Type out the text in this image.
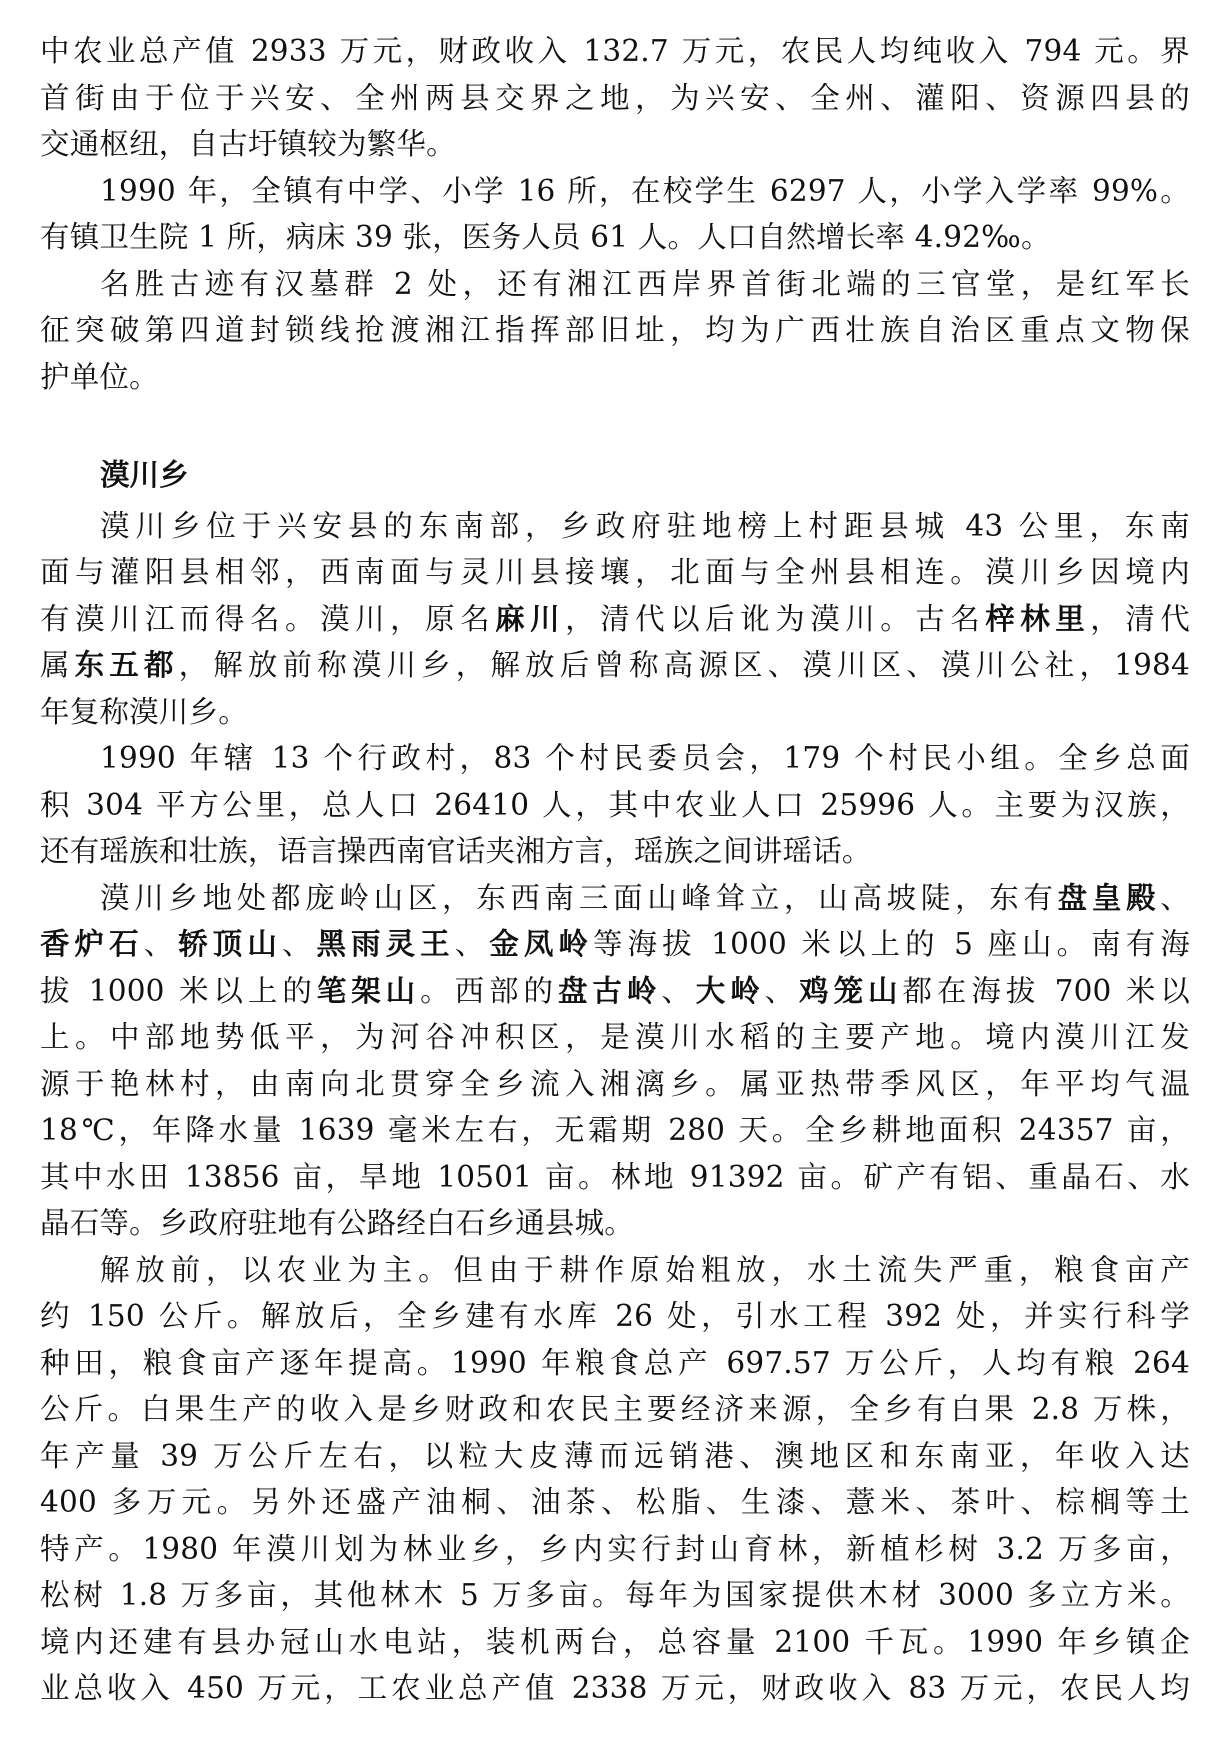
中农业总产值 2933 万元，财政收入 132.7 万元，农民人均纯收入 794 元。界
首街由于位于兴安、全州两县交界之地，为兴安、全州、灌阳、资源四县的
交通枢纽，自古圩镇较为繁华。
1990 年，全镇有中学、小学 16 所，在校学生 6297 人，小学入学率 99%。
有镇卫生院 1 所，病床 39 张，医务人员 61 人。人口自然增长率 4.92‰。
名胜古迹有汉墓群 2 处，还有湘江西岸界首街北端的三官堂，是红军长
征突破第四道封锁线抢渡湘江指挥部旧址，均为广西壮族自治区重点文物保
护单位。
漠川乡
漠川乡位于兴安县的东南部，乡政府驻地榜上村距县城 43 公里，东南
面与灌阳县相邻，西南面与灵川县接壤，北面与全州县相连。漠川乡因境内
有漠川江而得名。漠川，原名麻川，清代以后讹为漠川。古名梓林里，清代
属东五都，解放前称漠川乡，解放后曾称高源区、漠川区、漠川公社，1984
年复称漠川乡。
1990 年辖 13 个行政村，83 个村民委员会，179 个村民小组。全乡总面
积 304 平方公里，总人口 26410 人，其中农业人口 25996 人。主要为汉族，
还有瑶族和壮族，语言操西南官话夹湘方言，瑶族之间讲瑶话。
漠川乡地处都庞岭山区，东西南三面山峰耸立，山高坡陡，东有盘皇殿、
香炉石、轿顶山、黑雨灵王、金凤岭等海拔 1000 米以上的 5 座山。南有海
拔 1000 米以上的笔架山。西部的盘古岭、大岭、鸡笼山都在海拔 700 米以
上。中部地势低平，为河谷冲积区，是漠川水稻的主要产地。境内漠川江发
源于艳林村，由南向北贯穿全乡流入湘漓乡。属亚热带季风区，年平均气温
18℃，年降水量 1639 毫米左右，无霜期 280 天。全乡耕地面积 24357 亩，
其中水田 13856 亩，旱地 10501 亩。林地 91392 亩。矿产有铝、重晶石、水
晶石等。乡政府驻地有公路经白石乡通县城。
解放前，以农业为主。但由于耕作原始粗放，水土流失严重，粮食亩产
约 150 公斤。解放后，全乡建有水库 26 处，引水工程 392 处，并实行科学
种田，粮食亩产逐年提高。1990 年粮食总产 697.57 万公斤，人均有粮 264
公斤。白果生产的收入是乡财政和农民主要经济来源，全乡有白果 2.8 万株，
年产量 39 万公斤左右，以粒大皮薄而远销港、澳地区和东南亚，年收入达
400 多万元。另外还盛产油桐、油茶、松脂、生漆、薏米、茶叶、棕榈等土
特产。1980 年漠川划为林业乡，乡内实行封山育林，新植杉树 3.2 万多亩，
松树 1.8 万多亩，其他林木 5 万多亩。每年为国家提供木材 3000 多立方米。
境内还建有县办冠山水电站，装机两台，总容量 2100 千瓦。1990 年乡镇企
业总收入 450 万元，工农业总产值 2338 万元，财政收入 83 万元，农民人均
